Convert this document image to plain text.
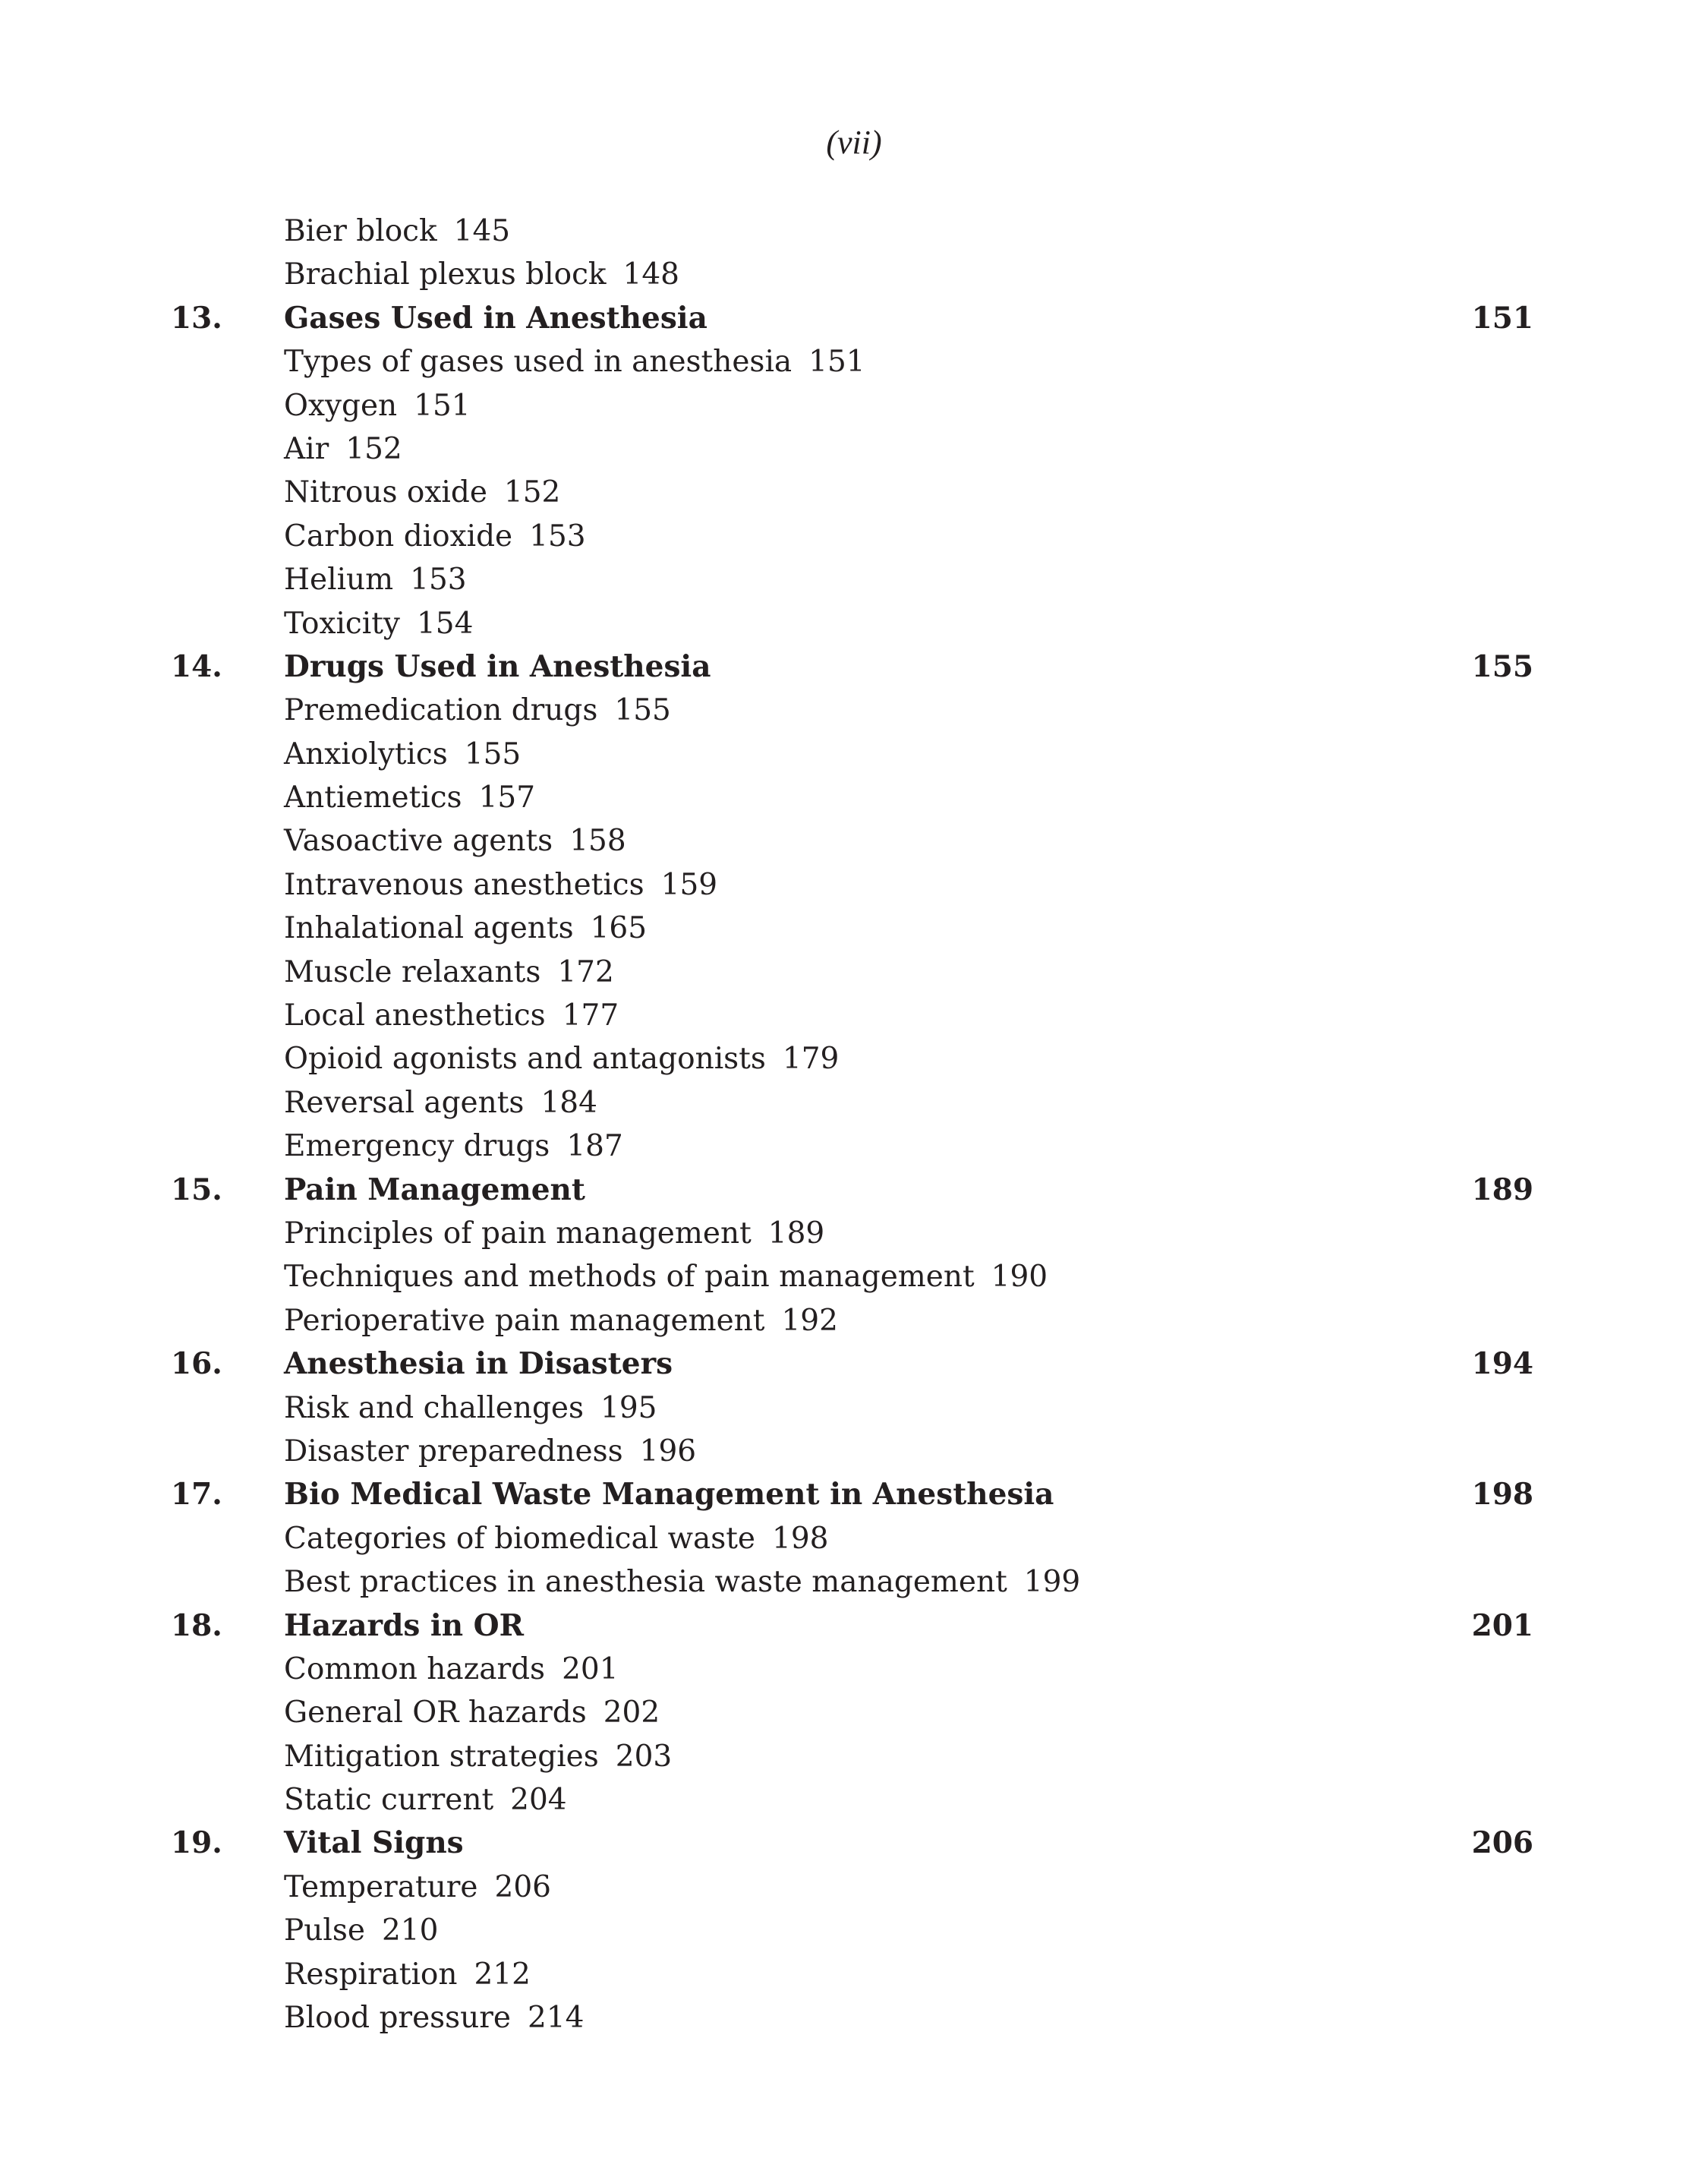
(vii)
Bier block 145
Brachial plexus block 148
13. Gases Used in Anesthesia	151
Types of gases used in anesthesia 151
Oxygen 151
Air 152
Nitrous oxide 152
Carbon dioxide 153
Helium 153
Toxicity 154
14. Drugs Used in Anesthesia	155
Premedication drugs 155
Anxiolytics 155
Antiemetics 157
Vasoactive agents 158
Intravenous anesthetics 159
Inhalational agents 165
Muscle relaxants 172
Local anesthetics 177
Opioid agonists and antagonists 179
Reversal agents 184
Emergency drugs 187
15. Pain Management	189
Principles of pain management 189
Techniques and methods of pain management 190
Perioperative pain management 192
16. Anesthesia in Disasters	194
Risk and challenges 195
Disaster preparedness 196
17. Bio Medical Waste Management in Anesthesia	198
Categories of biomedical waste 198
Best practices in anesthesia waste management 199
18. Hazards in OR	201
Common hazards 201
General OR hazards 202
Mitigation strategies 203
Static current 204
19. Vital Signs	206
Temperature 206
Pulse 210
Respiration 212
Blood pressure 214
